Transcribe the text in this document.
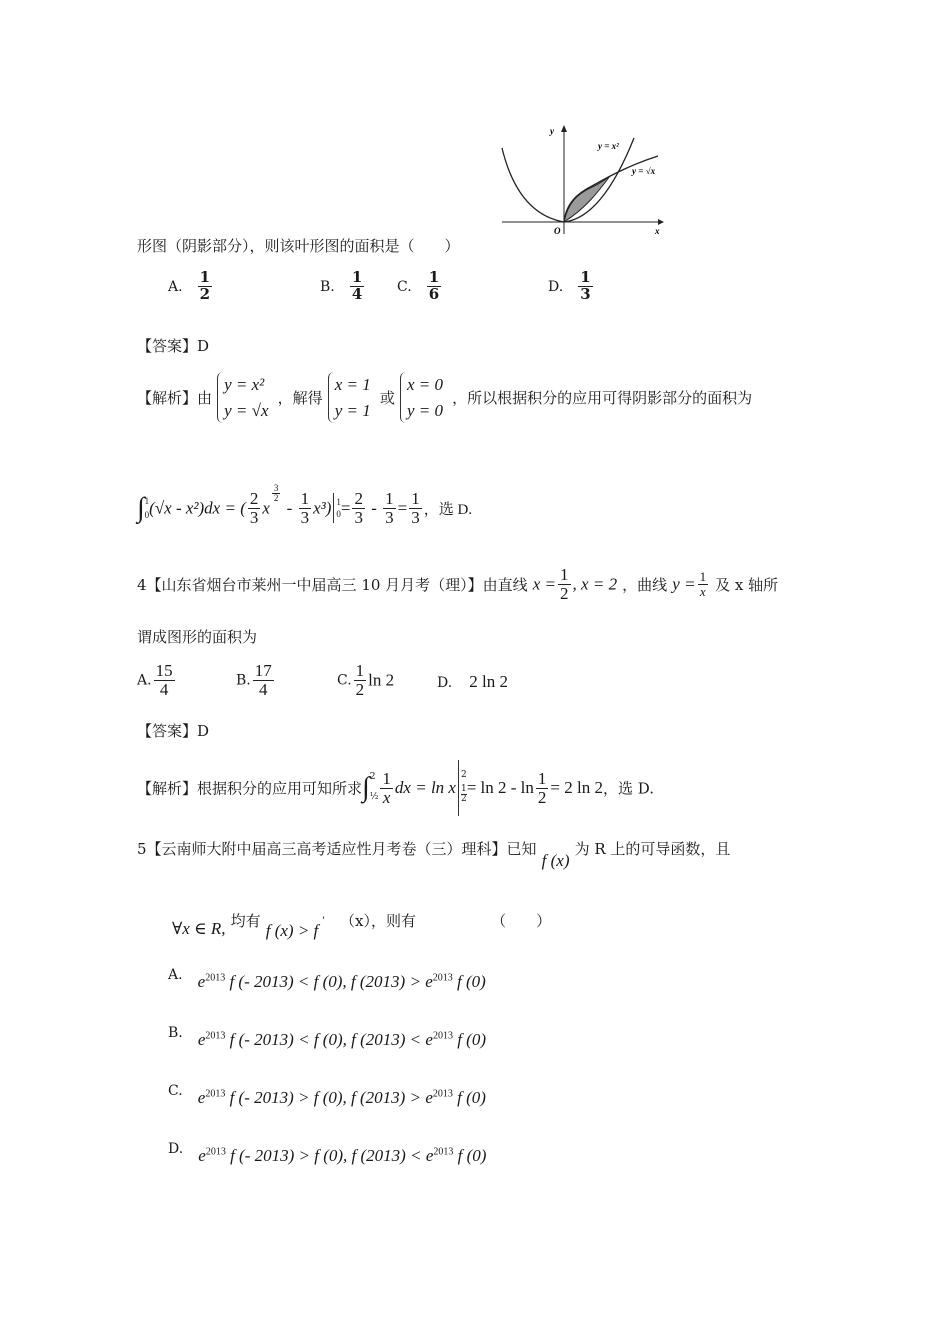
y
x
O
y = x²
y = √x
形图（阴影部分），则该叶形图的面积是（　　）
A. $\frac{1}{2}$	B. $\frac{1}{4} C$. $\frac{1}{6}$	D. $\frac{1}{3}$
【答案】D
【解析】由
y = x²
y = √x
，解得
x = 1
y = 1
或
x = 0
y = 0
，所以根据积分的应用可得阴影部分的面积为
∫ 1
0 (√x - x²)dx = ( $\frac{2}{3}$ x
$\frac{3}{2}$
- $\frac{1}{3} x^3$) 1
$0 = \frac{2}{3} - \frac{1}{3} = \frac{1}{3}$ ，选 D.
4【山东省烟台市莱州一中届高三 10 月月考（理）】由直线 $x = \frac{1}{2}$ , x = 2 ，曲线 $y = \frac{1}{x}$ 及 x 轴所
谓成图形的面积为
A. $\frac{15}{4}$	B. $\frac{17}{4}$	C. $\frac{1}{2}$ ln 2	D. 2 ln 2
【答案】D
【解析】根据积分的应用可知所求∫ 2
½ $\frac{1}{x}$ dx = ln x
2
1
2
= $\ln 2 - \ln \frac{1}{2} = 2$ ln 2，选 D.
5【云南师大附中届高三高考适应性月考卷（三）理科】已知 f (x) 为 R 上的可导函数，且
∀x ∈ R, 均有 f (x) > f′ （x），则有	（　　）
A. $e^{2013}$ f (- 2013) < f (0), f $(2013) > e^{2013}$ f (0)
B. $e^{2013}$ f (- 2013) < f (0), f $(2013) < e^{2013}$ f (0)
C. $e^{2013}$ f (- 2013) > f (0), f $(2013) > e^{2013}$ f (0)
D. $e^{2013}$ f (- 2013) > f (0), f $(2013) < e^{2013}$ f (0)
